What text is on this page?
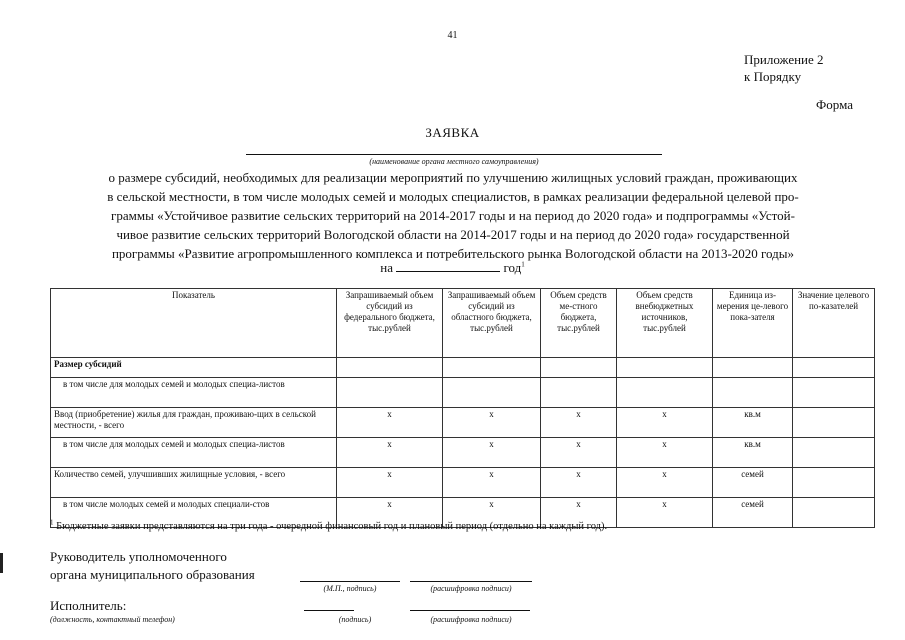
41
Приложение 2
к Порядку
Форма
ЗАЯВКА
(наименование органа местного самоуправления)
о размере субсидий, необходимых для реализации мероприятий по улучшению жилищных условий граждан, проживающих
в сельской местности, в том числе молодых семей и молодых специалистов, в рамках реализации федеральной целевой про-
граммы «Устойчивое развитие сельских территорий на 2014-2017 годы и на период до 2020 года» и подпрограммы «Устой-
чивое развитие сельских территорий Вологодской области на 2014-2017 годы и на период до 2020 года» государственной
программы «Развитие агропромышленного комплекса и потребительского рынка Вологодской области на 2013-2020 годы»
на	год$^1$
Показатель	Запрашиваемый объем субсидий из федерального бюджета, тыс.рублей	Запрашиваемый объем субсидий из областного бюджета, тыс.рублей	Объем средств ме-стного бюджета, тыс.рублей	Объем средств внебюджетных источников, тыс.рублей	Единица из-мерения це-левого пока-зателя	Значение целевого по-казателей
Размер субсидий						
в том числе для молодых семей и молодых специа-листов						
Ввод (приобретение) жилья для граждан, проживаю-щих в сельской местности, - всего	х	х	х	х	кв.м	
в том числе для молодых семей и молодых специа-листов	х	х	х	х	кв.м	
Количество семей, улучшивших жилищные условия, - всего	х	х	х	х	семей	
в том числе молодых семей и молодых специали-стов	х	х	х	х	семей	
$^1$ Бюджетные заявки представляются на три года - очередной финансовый год и плановый период (отдельно на каждый год).
Руководитель уполномоченного
органа муниципального образования
(М.П., подпись)	(расшифровка подписи)
Исполнитель:
(должность, контактный телефон)	(подпись)	(расшифровка подписи)
